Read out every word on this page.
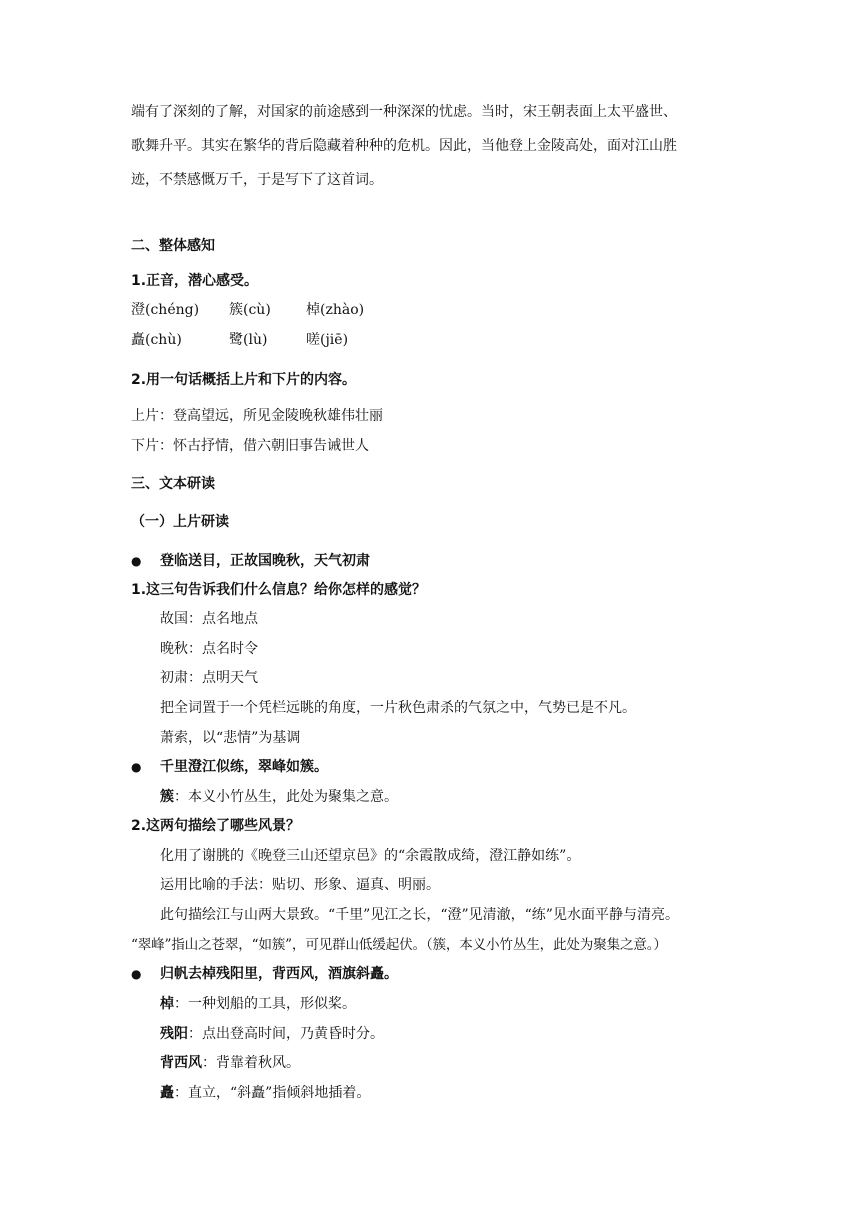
端有了深刻的了解，对国家的前途感到一种深深的忧虑。当时，宋王朝表面上太平盛世、
歌舞升平。其实在繁华的背后隐藏着种种的危机。因此，当他登上金陵高处，面对江山胜
迹，不禁感慨万千，于是写下了这首词。
二、整体感知
1.正音，潜心感受。
澄(chéng) 簇(cù)	棹(zhào)
矗(chù)	鹭(lù)	嗟(jiē)
2.用一句话概括上片和下片的内容。
上片：登高望远，所见金陵晚秋雄伟壮丽
下片：怀古抒情，借六朝旧事告诫世人
三、文本研读
（一）上片研读
● 登临送目，正故国晚秋，天气初肃
1.这三句告诉我们什么信息？给你怎样的感觉？
故国：点名地点
晚秋：点名时令
初肃：点明天气
把全词置于一个凭栏远眺的角度，一片秋色肃杀的气氛之中，气势已是不凡。
萧索，以“悲情”为基调
● 千里澄江似练，翠峰如簇。
簇：本义小竹丛生，此处为聚集之意。
2.这两句描绘了哪些风景？
化用了谢朓的《晚登三山还望京邑》的“余霞散成绮，澄江静如练”。
运用比喻的手法：贴切、形象、逼真、明丽。
此句描绘江与山两大景致。“千里”见江之长，“澄”见清澈，“练”见水面平静与清亮。
“翠峰”指山之苍翠，“如簇”，可见群山低缓起伏。（簇，本义小竹丛生，此处为聚集之意。）
● 归帆去棹残阳里，背西风，酒旗斜矗。
棹：一种划船的工具，形似桨。
残阳：点出登高时间，乃黄昏时分。
背西风：背靠着秋风。
矗：直立，“斜矗”指倾斜地插着。
